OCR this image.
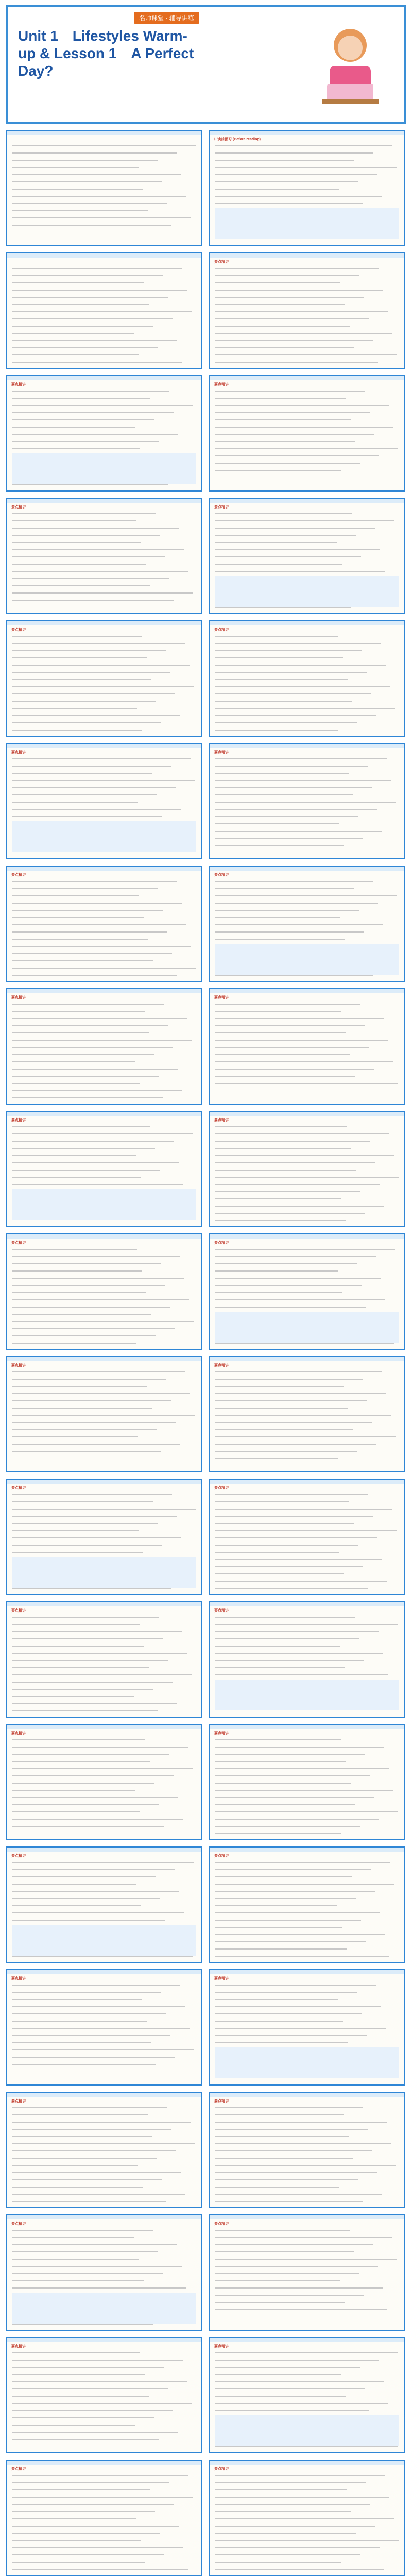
名师课堂 · 辅导讲练
Unit 1　Lifestyles Warm-up & Lesson 1　A Perfect Day?
Ⅰ. 读前预习 (Before reading)
要点精讲
要点精讲	要点精讲
要点精讲	要点精讲
要点精讲	要点精讲
要点精讲	要点精讲
要点精讲	要点精讲
要点精讲	要点精讲
要点精讲	要点精讲
要点精讲	要点精讲
要点精讲	要点精讲
要点精讲	要点精讲
要点精讲	要点精讲
要点精讲	要点精讲
要点精讲	要点精讲
要点精讲	要点精讲
要点精讲	要点精讲
要点精讲	要点精讲
要点精讲	要点精讲
要点精讲	要点精讲
